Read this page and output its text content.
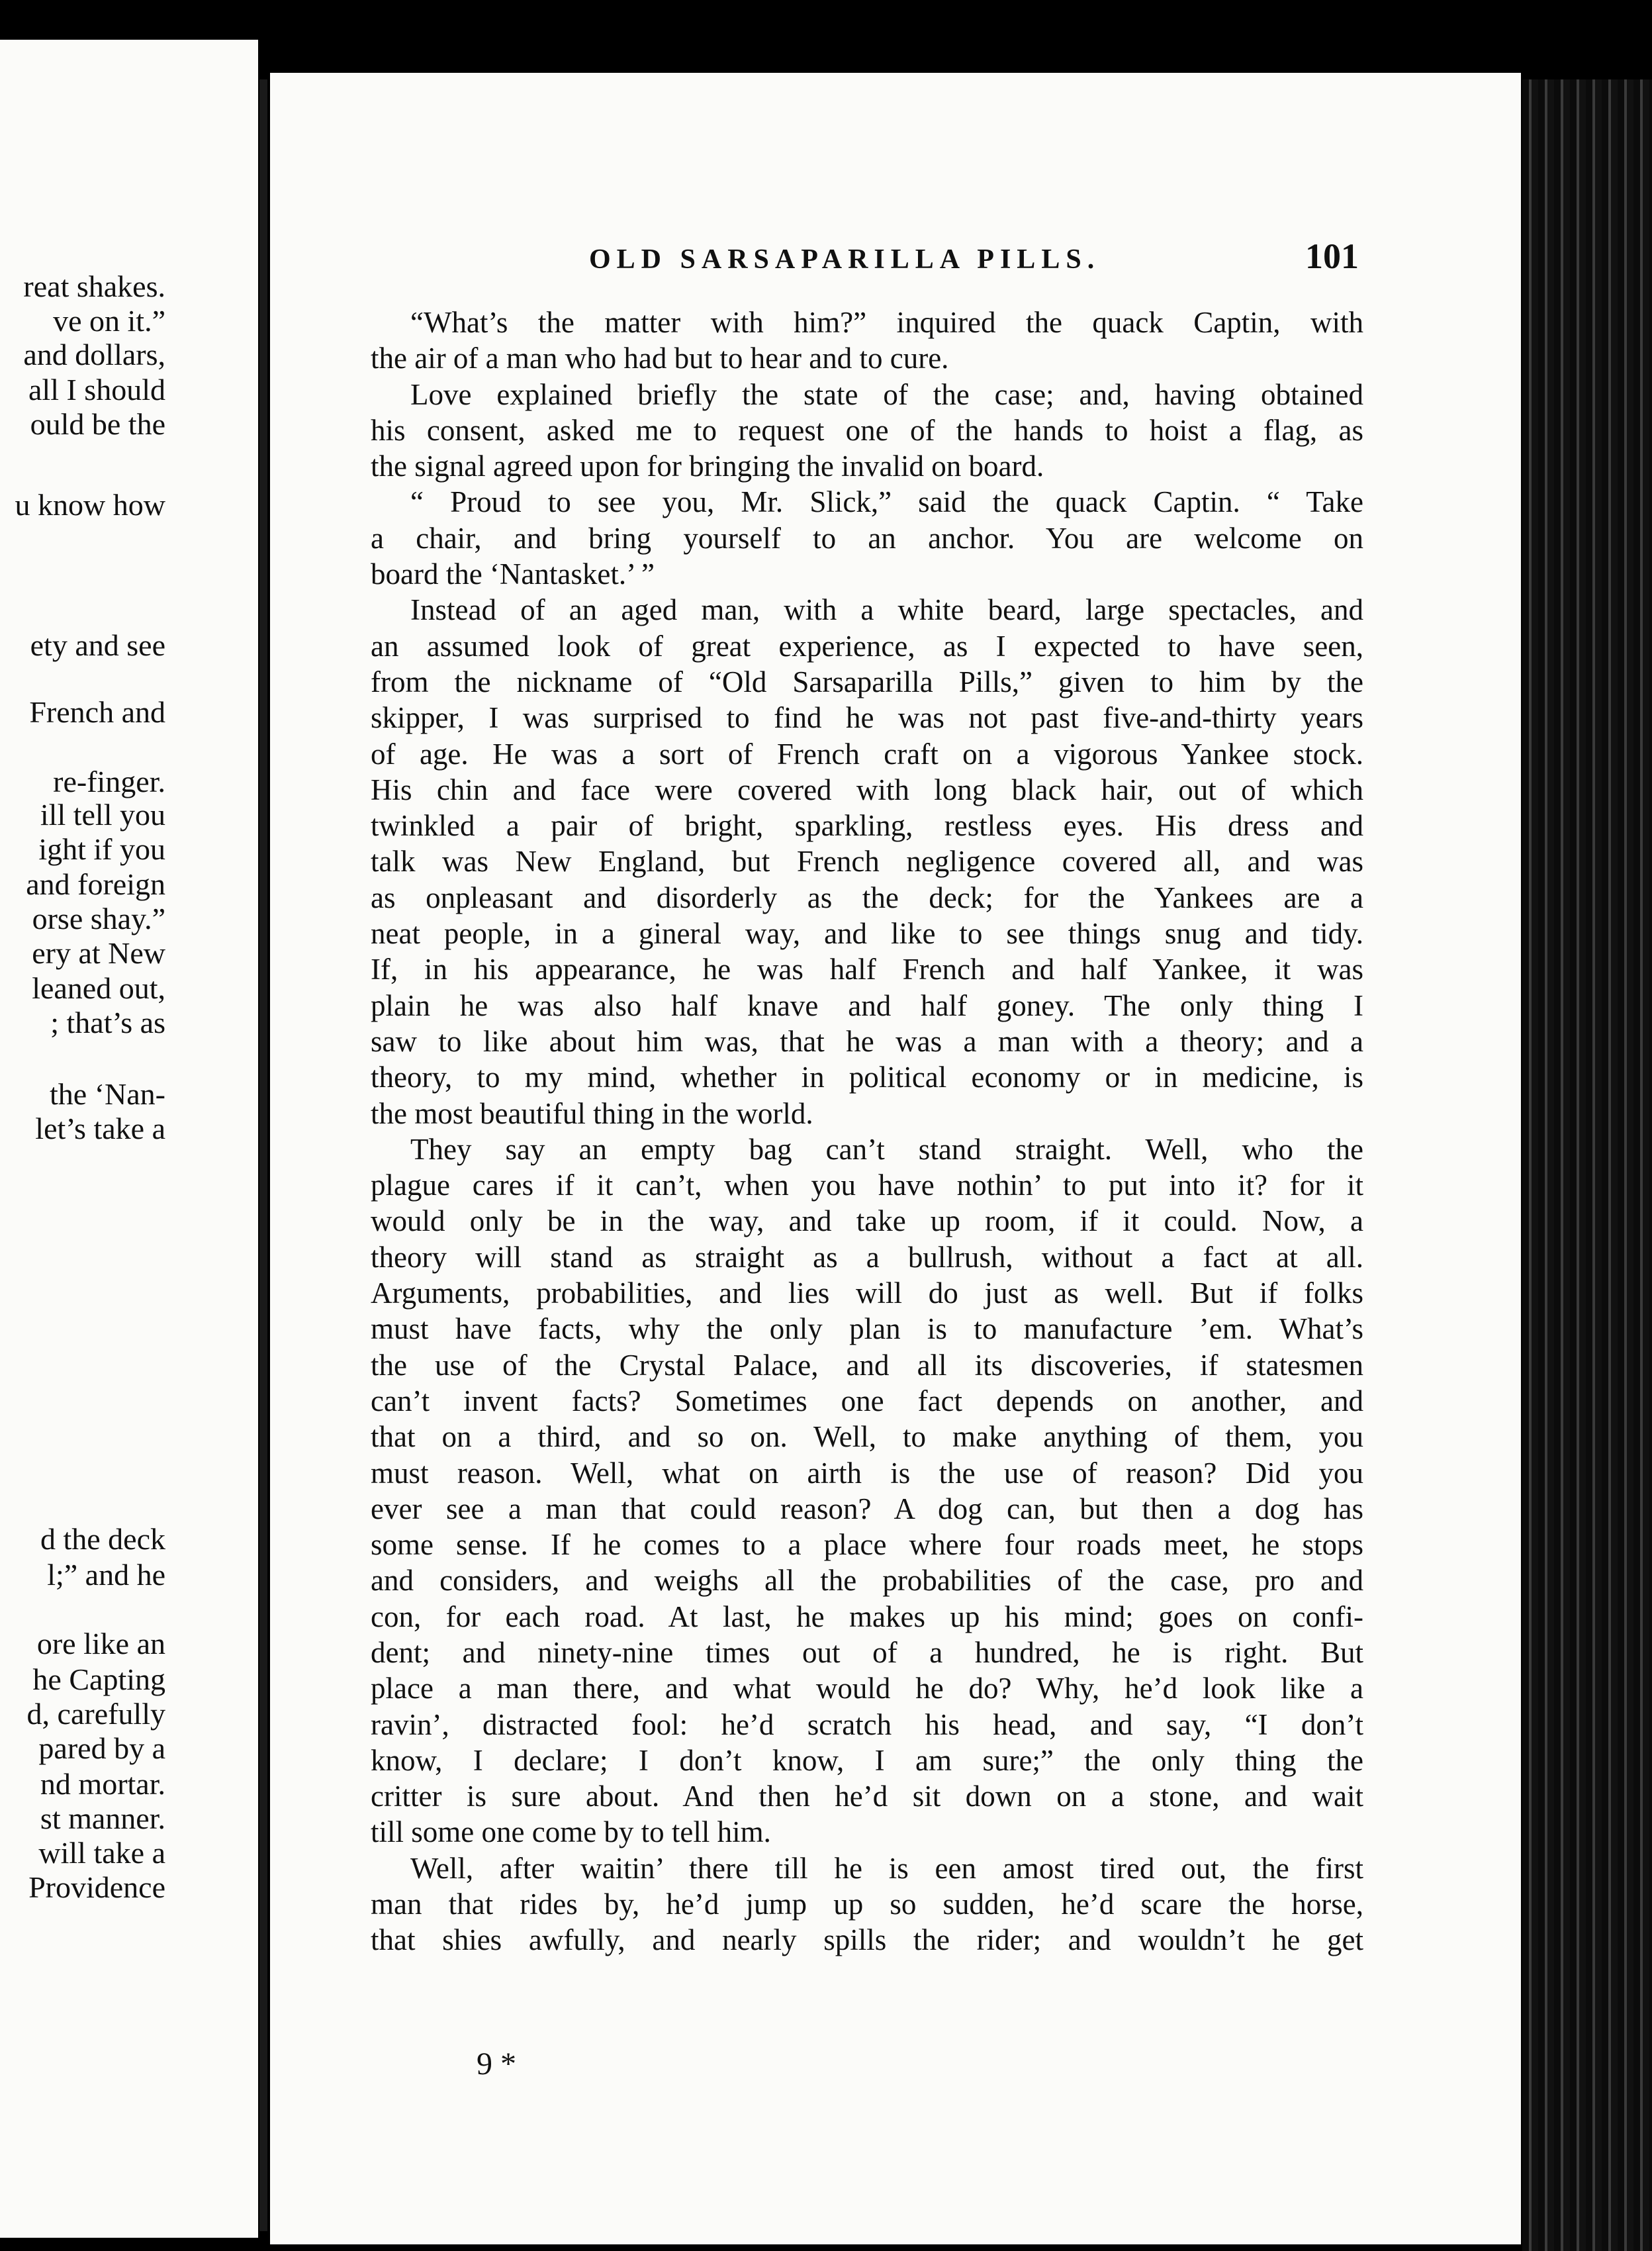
reat shakes.
ve on it.”
and dollars,
all I should
ould be the
u know how
ety and see
French and
re-finger.
ill tell you
ight if you
and foreign
orse shay.”
ery at New
leaned out,
; that’s as
the ‘Nan-
let’s take a
d the deck
l;” and he
ore like an
he Capting
d, carefully
pared by a
nd mortar.
st manner.
will take a
Providence
OLD SARSAPARILLA PILLS.	101
“What’s the matter with him?” inquired the quack Captin, with
the air of a man who had but to hear and to cure.
Love explained briefly the state of the case; and, having obtained
his consent, asked me to request one of the hands to hoist a flag, as
the signal agreed upon for bringing the invalid on board.
“ Proud to see you, Mr. Slick,” said the quack Captin. “ Take
a chair, and bring yourself to an anchor. You are welcome on
board the ‘Nantasket.’ ”
Instead of an aged man, with a white beard, large spectacles, and
an assumed look of great experience, as I expected to have seen,
from the nickname of “Old Sarsaparilla Pills,” given to him by the
skipper, I was surprised to find he was not past five-and-thirty years
of age. He was a sort of French craft on a vigorous Yankee stock.
His chin and face were covered with long black hair, out of which
twinkled a pair of bright, sparkling, restless eyes. His dress and
talk was New England, but French negligence covered all, and was
as onpleasant and disorderly as the deck; for the Yankees are a
neat people, in a gineral way, and like to see things snug and tidy.
If, in his appearance, he was half French and half Yankee, it was
plain he was also half knave and half goney. The only thing I
saw to like about him was, that he was a man with a theory; and a
theory, to my mind, whether in political economy or in medicine, is
the most beautiful thing in the world.
They say an empty bag can’t stand straight. Well, who the
plague cares if it can’t, when you have nothin’ to put into it? for it
would only be in the way, and take up room, if it could. Now, a
theory will stand as straight as a bullrush, without a fact at all.
Arguments, probabilities, and lies will do just as well. But if folks
must have facts, why the only plan is to manufacture ’em. What’s
the use of the Crystal Palace, and all its discoveries, if statesmen
can’t invent facts? Sometimes one fact depends on another, and
that on a third, and so on. Well, to make anything of them, you
must reason. Well, what on airth is the use of reason? Did you
ever see a man that could reason? A dog can, but then a dog has
some sense. If he comes to a place where four roads meet, he stops
and considers, and weighs all the probabilities of the case, pro and
con, for each road. At last, he makes up his mind; goes on confi-
dent; and ninety-nine times out of a hundred, he is right. But
place a man there, and what would he do? Why, he’d look like a
ravin’, distracted fool: he’d scratch his head, and say, “I don’t
know, I declare; I don’t know, I am sure;” the only thing the
critter is sure about. And then he’d sit down on a stone, and wait
till some one come by to tell him.
Well, after waitin’ there till he is een amost tired out, the first
man that rides by, he’d jump up so sudden, he’d scare the horse,
that shies awfully, and nearly spills the rider; and wouldn’t he get
9 *
